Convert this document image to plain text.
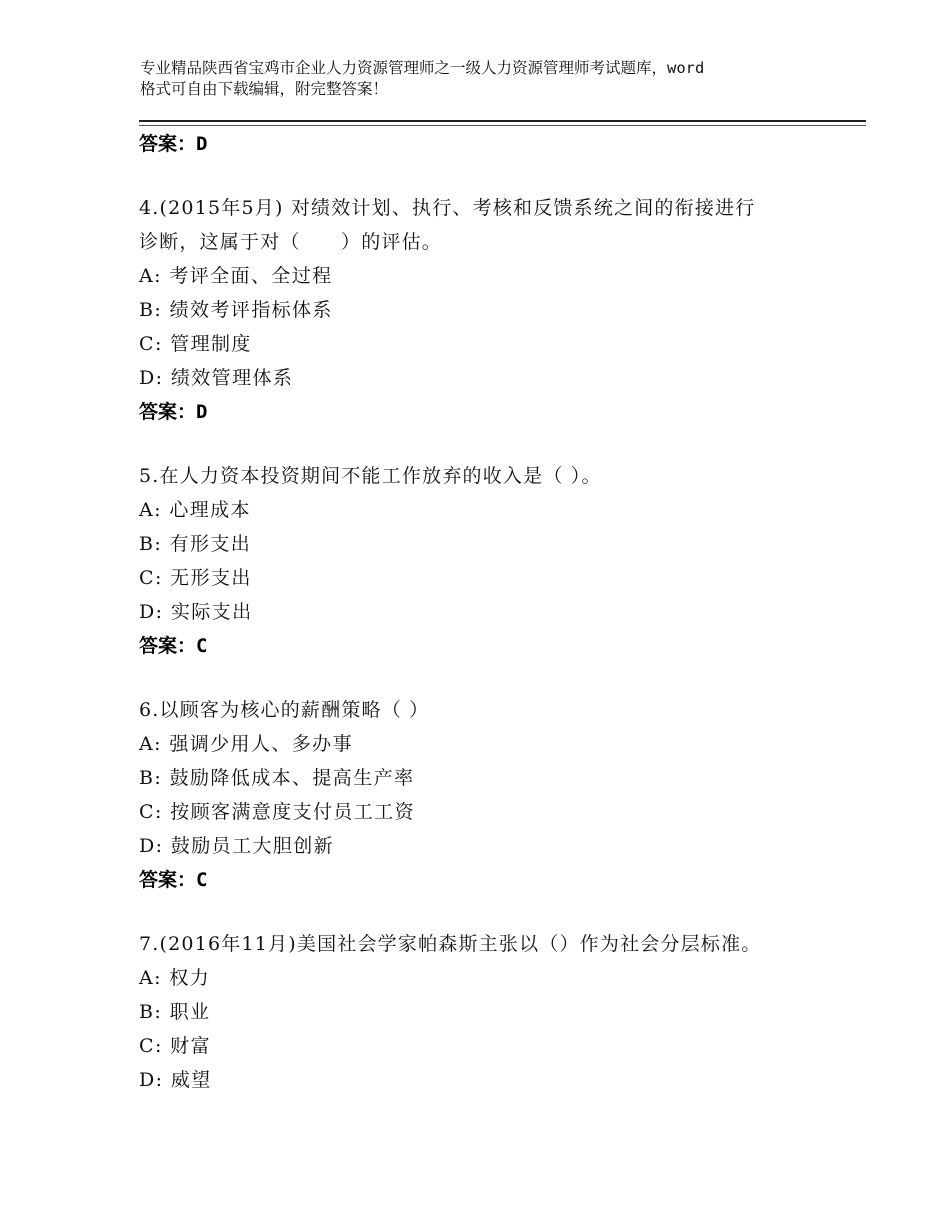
专业精品陕西省宝鸡市企业人力资源管理师之一级人力资源管理师考试题库，word
格式可自由下载编辑，附完整答案！
答案：D
4.(2015年5月) 对绩效计划、执行、考核和反馈系统之间的衔接进行
诊断，这属于对（　　）的评估。
A: 考评全面、全过程
B: 绩效考评指标体系
C: 管理制度
D: 绩效管理体系
答案：D
5.在人力资本投资期间不能工作放弃的收入是（ ）。
A: 心理成本
B: 有形支出
C: 无形支出
D: 实际支出
答案：C
6.以顾客为核心的薪酬策略（ ）
A: 强调少用人、多办事
B: 鼓励降低成本、提高生产率
C: 按顾客满意度支付员工工资
D: 鼓励员工大胆创新
答案：C
7.(2016年11月)美国社会学家帕森斯主张以（）作为社会分层标准。
A: 权力
B: 职业
C: 财富
D: 威望
